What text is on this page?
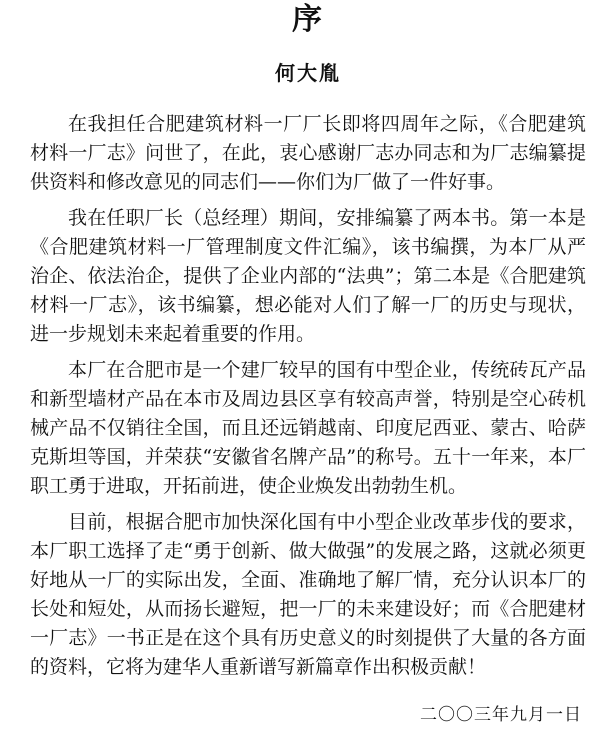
序
何大胤

在我担任合肥建筑材料一厂厂长即将四周年之际，《合肥建筑材料一厂志》问世了，在此，衷心感谢厂志办同志和为厂志编纂提供资料和修改意见的同志们——你们为厂做了一件好事。

我在任职厂长（总经理）期间，安排编纂了两本书。第一本是《合肥建筑材料一厂管理制度文件汇编》，该书编撰，为本厂从严治企、依法治企，提供了企业内部的“法典”；第二本是《合肥建筑材料一厂志》，该书编纂，想必能对人们了解一厂的历史与现状，进一步规划未来起着重要的作用。

本厂在合肥市是一个建厂较早的国有中型企业，传统砖瓦产品和新型墙材产品在本市及周边县区享有较高声誉，特别是空心砖机械产品不仅销往全国，而且还远销越南、印度尼西亚、蒙古、哈萨克斯坦等国，并荣获“安徽省名牌产品”的称号。五十一年来，本厂职工勇于进取，开拓前进，使企业焕发出勃勃生机。

目前，根据合肥市加快深化国有中小型企业改革步伐的要求，本厂职工选择了走“勇于创新、做大做强”的发展之路，这就必须更好地从一厂的实际出发，全面、准确地了解厂情，充分认识本厂的长处和短处，从而扬长避短，把一厂的未来建设好；而《合肥建材一厂志》一书正是在这个具有历史意义的时刻提供了大量的各方面的资料，它将为建华人重新谱写新篇章作出积极贡献！

二〇〇三年九月一日
